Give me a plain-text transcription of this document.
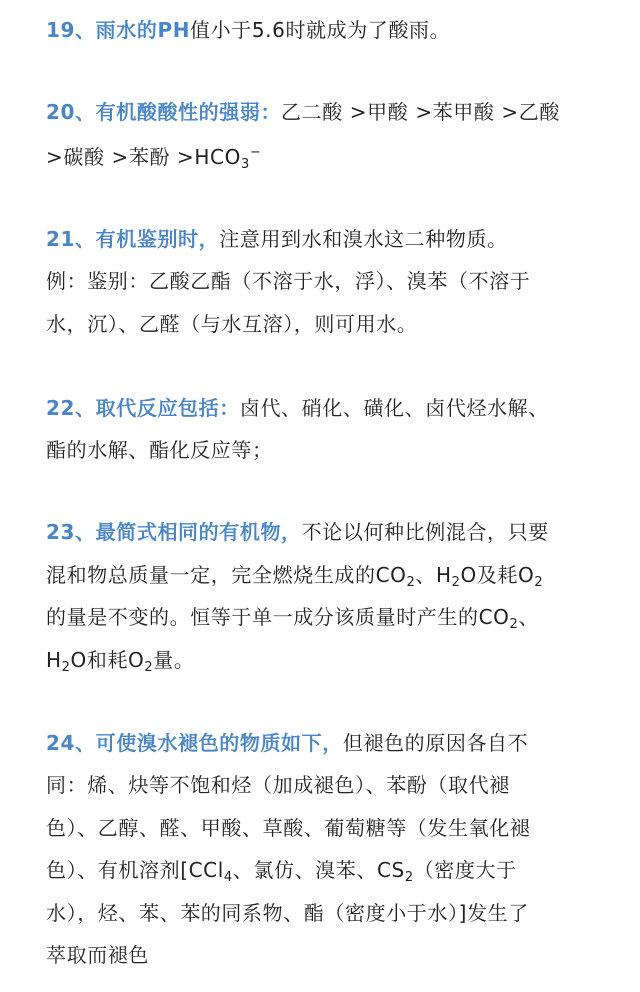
19、雨水的PH值小于5.6时就成为了酸雨。
20、有机酸酸性的强弱：乙二酸 >甲酸 >苯甲酸 >乙酸
>碳酸 >苯酚 $>HCO_3^-$
21、有机鉴别时，注意用到水和溴水这二种物质。
例：鉴别：乙酸乙酯（不溶于水，浮）、溴苯（不溶于
水，沉）、乙醛（与水互溶），则可用水。
22、取代反应包括：卤代、硝化、磺化、卤代烃水解、
酯的水解、酯化反应等；
23、最简式相同的有机物，不论以何种比例混合，只要
混和物总质量一定，完全燃烧生成的$CO_2$、$H_2O$及耗$O_2$
的量是不变的。恒等于单一成分该质量时产生的$CO_2$、
$H_2O$和耗$O_2$量。
24、可使溴水褪色的物质如下，但褪色的原因各自不
同：烯、炔等不饱和烃（加成褪色）、苯酚（取代褪
色）、乙醇、醛、甲酸、草酸、葡萄糖等（发生氧化褪
色）、有机溶剂[CCl$_4$、氯仿、溴苯、$CS_2$（密度大于
水），烃、苯、苯的同系物、酯（密度小于水）]发生了
萃取而褪色
